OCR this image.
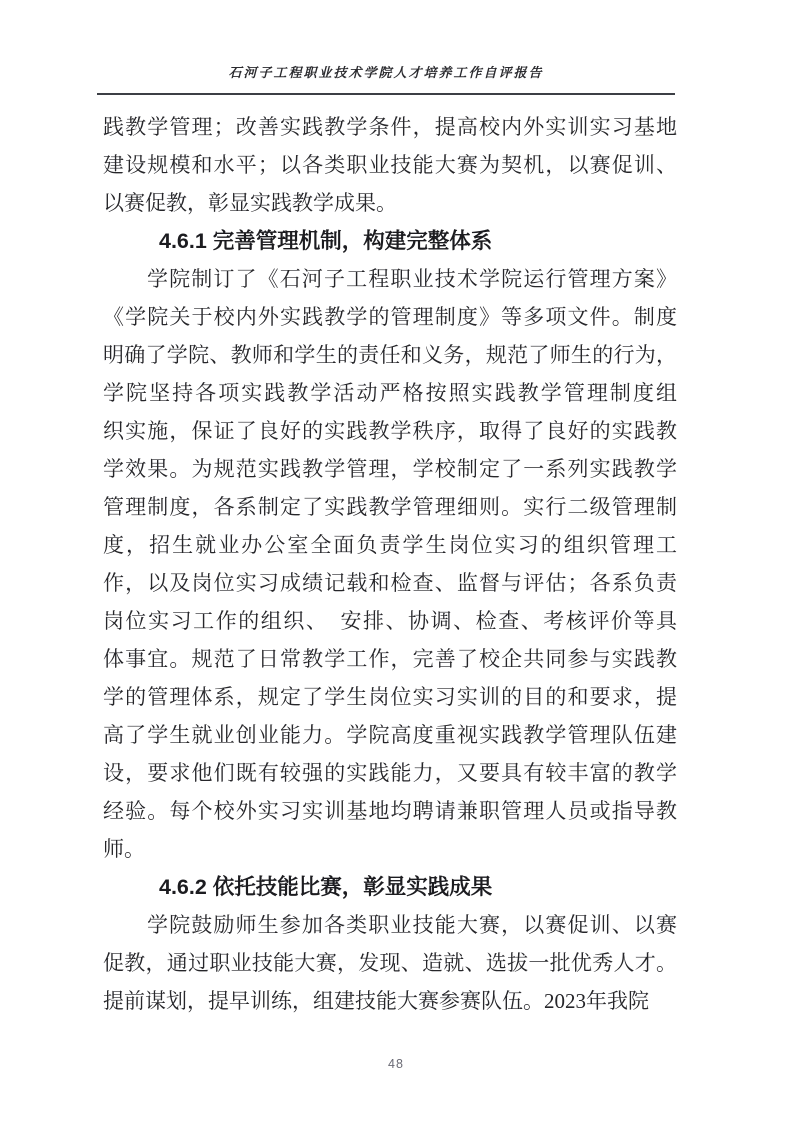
石河子工程职业技术学院人才培养工作自评报告
践教学管理；改善实践教学条件，提高校内外实训实习基地
建设规模和水平；以各类职业技能大赛为契机，以赛促训、
以赛促教，彰显实践教学成果。
4.6.1 完善管理机制，构建完整体系
学院制订了《石河子工程职业技术学院运行管理方案》
《学院关于校内外实践教学的管理制度》等多项文件。制度
明确了学院、教师和学生的责任和义务，规范了师生的行为，
学院坚持各项实践教学活动严格按照实践教学管理制度组
织实施，保证了良好的实践教学秩序，取得了良好的实践教
学效果。为规范实践教学管理，学校制定了一系列实践教学
管理制度，各系制定了实践教学管理细则。实行二级管理制
度，招生就业办公室全面负责学生岗位实习的组织管理工
作，以及岗位实习成绩记载和检查、监督与评估；各系负责
岗位实习工作的组织、　安排、协调、检查、考核评价等具
体事宜。规范了日常教学工作，完善了校企共同参与实践教
学的管理体系，规定了学生岗位实习实训的目的和要求，提
高了学生就业创业能力。学院高度重视实践教学管理队伍建
设，要求他们既有较强的实践能力，又要具有较丰富的教学
经验。每个校外实习实训基地均聘请兼职管理人员或指导教
师。
4.6.2 依托技能比赛，彰显实践成果
学院鼓励师生参加各类职业技能大赛，以赛促训、以赛
促教，通过职业技能大赛，发现、造就、选拔一批优秀人才。
提前谋划，提早训练，组建技能大赛参赛队伍。2023年我院
48
